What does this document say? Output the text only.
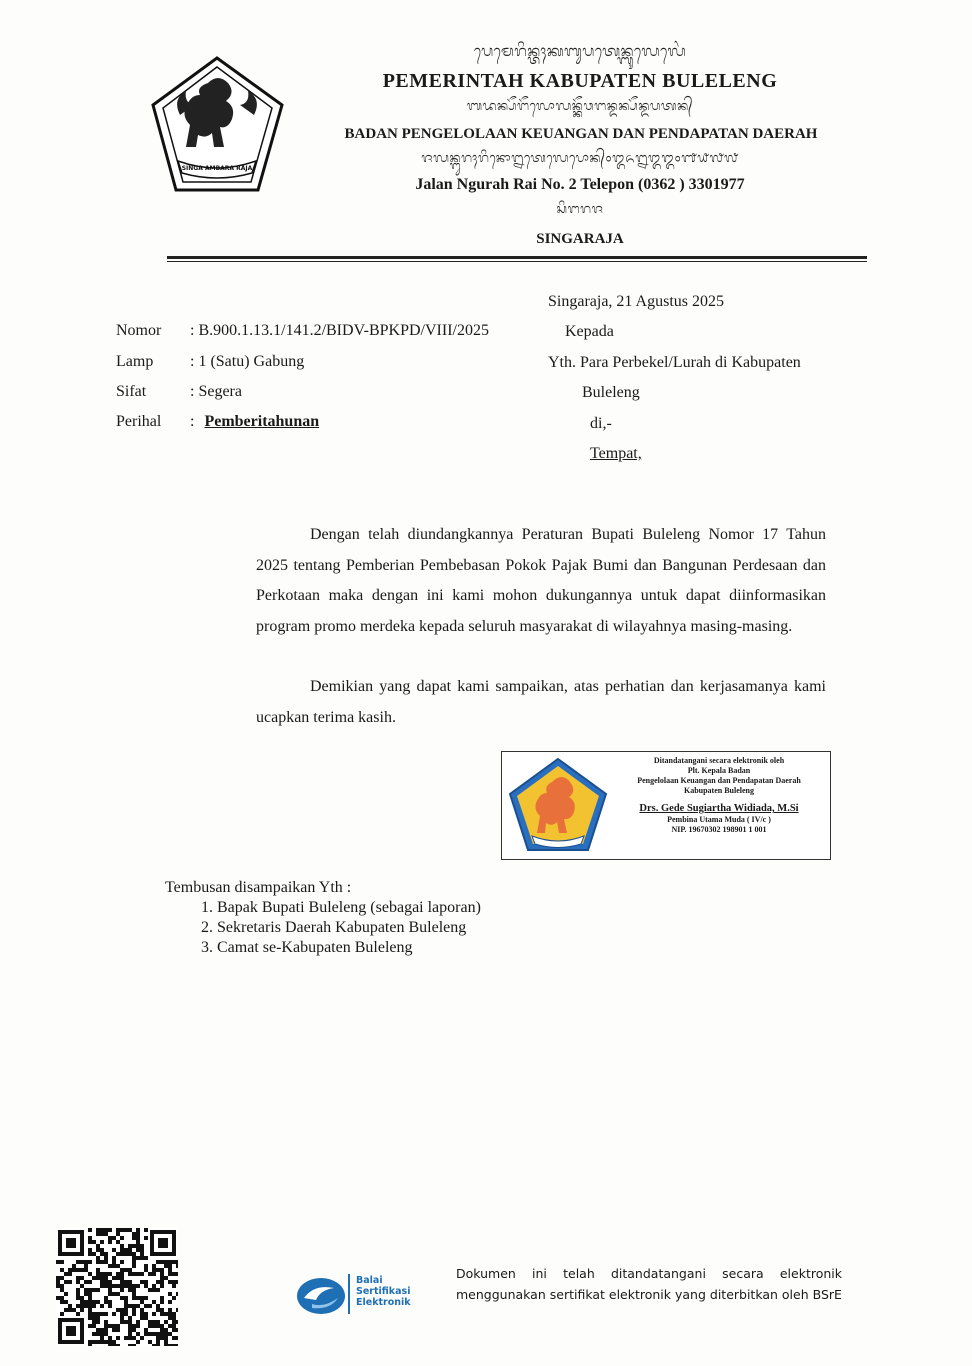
SINGA AMBARA RAJA
ᬧᬾᬫᬾᬭᬶᬦ᭄ᬢᬄᬓᬩᬸᬧᬢᬾᬦ᭄ᬩᬸᬮᬾᬮᬾᬂ
PEMERINTAH KABUPATEN BULELENG
ᬩᬤᬦ᭄ᬧᭂᬗᭂᬮᭀᬮᬦ᭄ᬓᭂᬯᬗᬦ᭄ᬤᬦ᭄ᬧᭂᬦ᭄ᬤᬧᬢᬦ᭄
BADAN PENGELOLAAN KEUANGAN DAN PENDAPATAN DAERAH
ᬚᬮᬦ᭄ᬗᬸᬭᬄᬭᬶᬦᭀ᭒ᬢᬾᬮᬾᬧᭀᬦ᭄᭐᭓᭖᭒᭓᭓᭐᭑᭙᭗᭗
Jalan Ngurah Rai No. 2 Telepon (0362 ) 3301977
ᬲᬶᬗᬭᬚ
SINGARAJA
Singaraja, 21 Agustus 2025
Nomor : B.900.1.13.1/141.2/BIDV-BPKPD/VIII/2025
Lamp : 1 (Satu) Gabung
Sifat	: Segera
Perihal : Pemberitahunan
Kepada
Yth. Para Perbekel/Lurah di Kabupaten
Buleleng
di,-
Tempat,
Dengan telah diundangkannya Peraturan Bupati Buleleng Nomor 17 Tahun 2025 tentang Pemberian Pembebasan Pokok Pajak Bumi dan Bangunan Perdesaan dan Perkotaan maka dengan ini kami mohon dukungannya untuk dapat diinformasikan program promo merdeka kepada seluruh masyarakat di wilayahnya masing-masing.
Demikian yang dapat kami sampaikan, atas perhatian dan kerjasamanya kami ucapkan terima kasih.
Ditandatangani secara elektronik oleh
Plt. Kepala Badan
Pengelolaan Keuangan dan Pendapatan Daerah
Kabupaten Buleleng
Drs. Gede Sugiartha Widiada, M.Si
Pembina Utama Muda ( IV/c )
NIP. 19670302 198901 1 001
Tembusan disampaikan Yth :
1. Bapak Bupati Buleleng (sebagai laporan)
2. Sekretaris Daerah Kabupaten Buleleng
3. Camat se-Kabupaten Buleleng
Balai
Sertifikasi
Elektronik
Dokumen ini telah ditandatangani secara elektronik menggunakan sertifikat elektronik yang diterbitkan oleh BSrE
